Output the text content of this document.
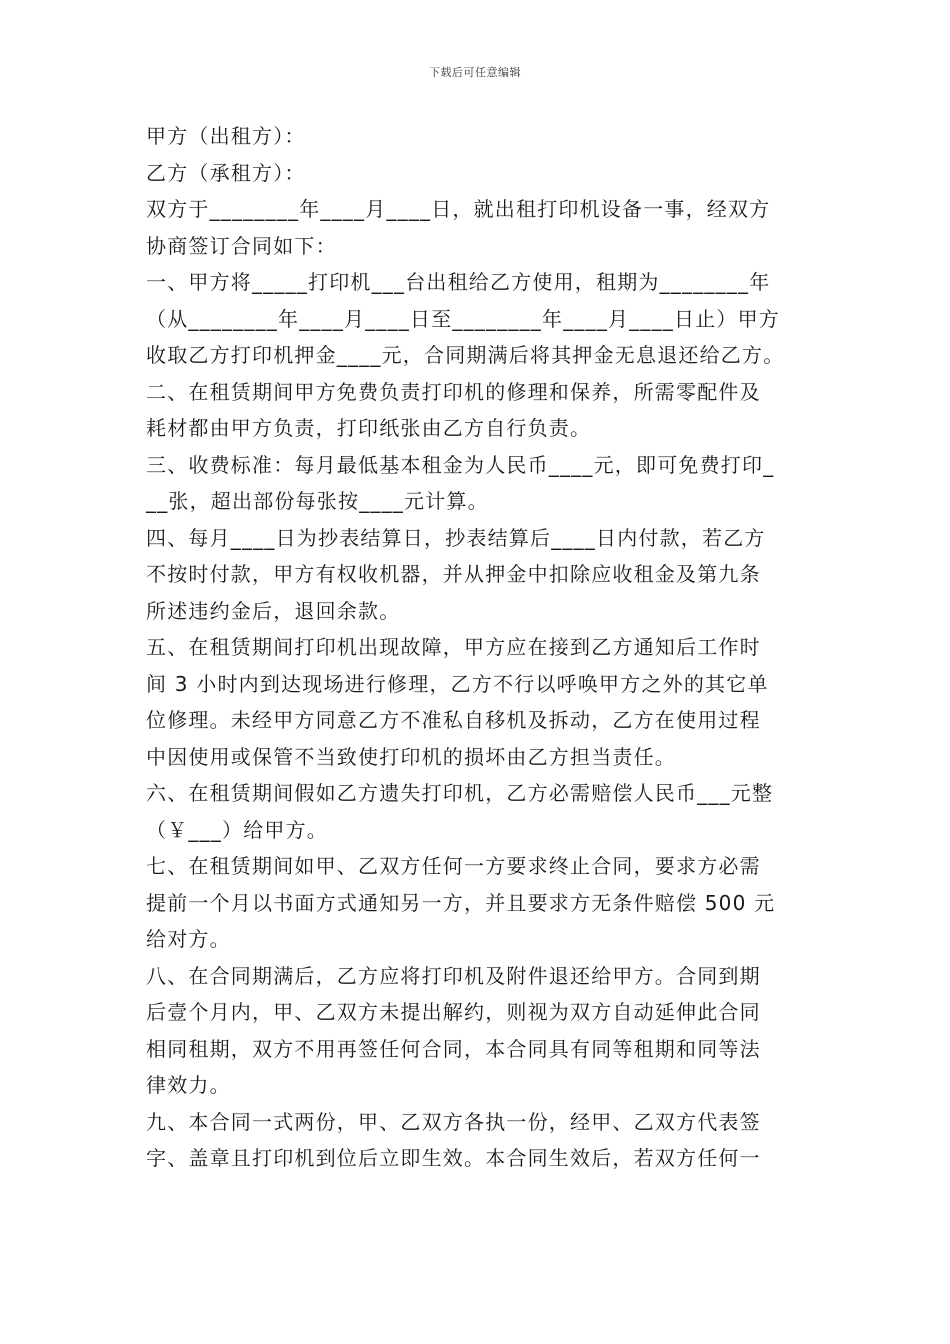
下载后可任意编辑
甲方（出租方）：
乙方（承租方）：
双方于________年____月____日，就出租打印机设备一事，经双方
协商签订合同如下：
一、甲方将_____打印机___台出租给乙方使用，租期为________年
（从________年____月____日至________年____月____日止）甲方
收取乙方打印机押金____元，合同期满后将其押金无息退还给乙方。
二、在租赁期间甲方免费负责打印机的修理和保养，所需零配件及
耗材都由甲方负责，打印纸张由乙方自行负责。
三、收费标准：每月最低基本租金为人民币____元，即可免费打印_
__张，超出部份每张按____元计算。
四、每月____日为抄表结算日，抄表结算后____日内付款，若乙方
不按时付款，甲方有权收机器，并从押金中扣除应收租金及第九条
所述违约金后，退回余款。
五、在租赁期间打印机出现故障，甲方应在接到乙方通知后工作时
间 3 小时内到达现场进行修理，乙方不行以呼唤甲方之外的其它单
位修理。未经甲方同意乙方不准私自移机及拆动，乙方在使用过程
中因使用或保管不当致使打印机的损坏由乙方担当责任。
六、在租赁期间假如乙方遗失打印机，乙方必需赔偿人民币___元整
（￥___）给甲方。
七、在租赁期间如甲、乙双方任何一方要求终止合同，要求方必需
提前一个月以书面方式通知另一方，并且要求方无条件赔偿 500 元
给对方。
八、在合同期满后，乙方应将打印机及附件退还给甲方。合同到期
后壹个月内，甲、乙双方未提出解约，则视为双方自动延伸此合同
相同租期，双方不用再签任何合同，本合同具有同等租期和同等法
律效力。
九、本合同一式两份，甲、乙双方各执一份，经甲、乙双方代表签
字、盖章且打印机到位后立即生效。本合同生效后，若双方任何一
